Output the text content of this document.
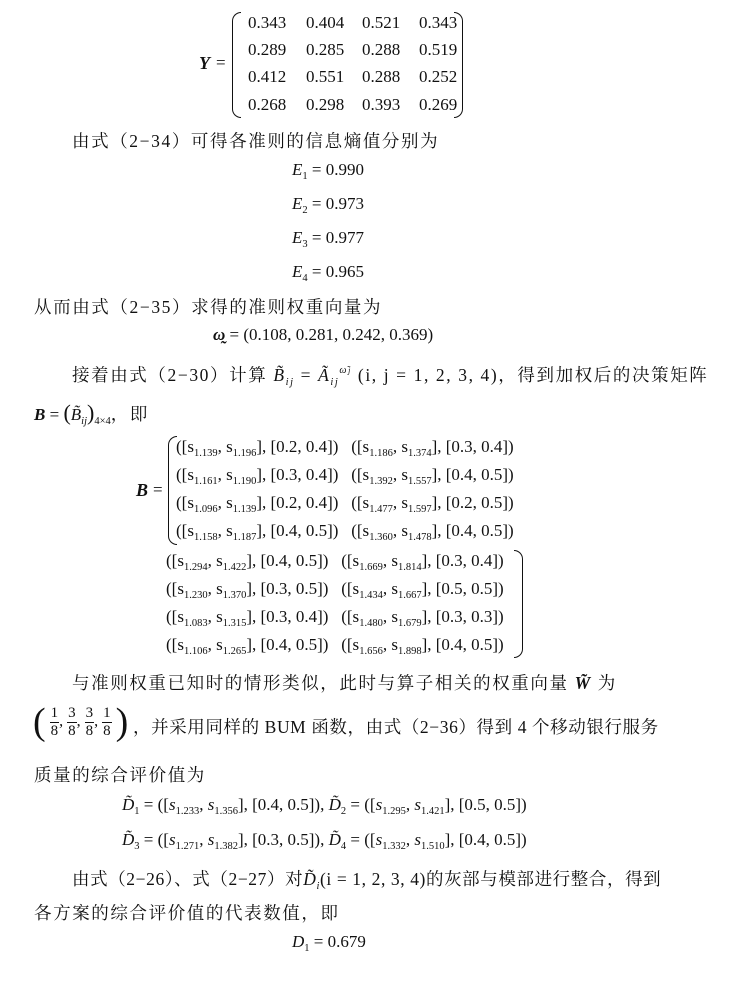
Y =
0.343 0.404 0.521 0.343
0.289 0.285 0.288 0.519
0.412 0.551 0.288 0.252
0.268 0.298 0.393 0.269
由式（2−34）可得各准则的信息熵值分别为
$E_1 = 0.990$
$E_2 = 0.973$
$E_3 = 0.977$
$E_4 = 0.965$
从而由式（2−35）求得的准则权重向量为
ω̰ = (0.108, 0.281, 0.242, 0.369)
接着由式（2−30）计算 $B̃_{ij}$ = $Ã_{ij}^{\omegãj}$ (i, j = 1, 2, 3, 4)，得到加权后的决策矩阵
$B = (B̃_{ij})_{4\times 4}$，即
B =
([$s_{1.139}$, $s_{1.196}$], [0.2, 0.4]) ([$s_{1.186}$, $s_{1.374}$], [0.3, 0.4])
([$s_{1.161}$, $s_{1.190}$], [0.3, 0.4]) ([$s_{1.392}$, $s_{1.557}$], [0.4, 0.5])
([$s_{1.096}$, $s_{1.139}$], [0.2, 0.4]) ([$s_{1.477}$, $s_{1.597}$], [0.2, 0.5])
([$s_{1.158}$, $s_{1.187}$], [0.4, 0.5]) ([$s_{1.360}$, $s_{1.478}$], [0.4, 0.5])
([$s_{1.294}$, $s_{1.422}$], [0.4, 0.5]) ([$s_{1.669}$, $s_{1.814}$], [0.3, 0.4])
([$s_{1.230}$, $s_{1.370}$], [0.3, 0.5]) ([$s_{1.434}$, $s_{1.667}$], [0.5, 0.5])
([$s_{1.083}$, $s_{1.315}$], [0.3, 0.4]) ([$s_{1.480}$, $s_{1.679}$], [0.3, 0.3])
([$s_{1.106}$, $s_{1.265}$], [0.4, 0.5]) ([$s_{1.656}$, $s_{1.898}$], [0.4, 0.5])
与准则权重已知时的情形类似，此时与算子相关的权重向量 W̃ 为
( $\frac{1}{8}$ , $\frac{3}{8}$ , $\frac{3}{8}$ , $\frac{1}{8}$ ) ，并采用同样的 BUM 函数，由式（2−36）得到 4 个移动银行服务
质量的综合评价值为
$D̃_1 = ([s_{1.233}$, $s_{1.356}$], [0.4, 0.5]), $D̃_2 = ([s_{1.295}$, $s_{1.421}$], [0.5, 0.5])
$D̃_3 = ([s_{1.271}$, $s_{1.382}$], [0.3, 0.5]), $D̃_4 = ([s_{1.332}$, $s_{1.510}$], [0.4, 0.5])
由式（2−26）、式（2−27）对$D̃_i(i = 1$, 2, 3, 4)的灰部与模部进行整合，得到
各方案的综合评价值的代表数值，即
$D_1 = 0.679$
